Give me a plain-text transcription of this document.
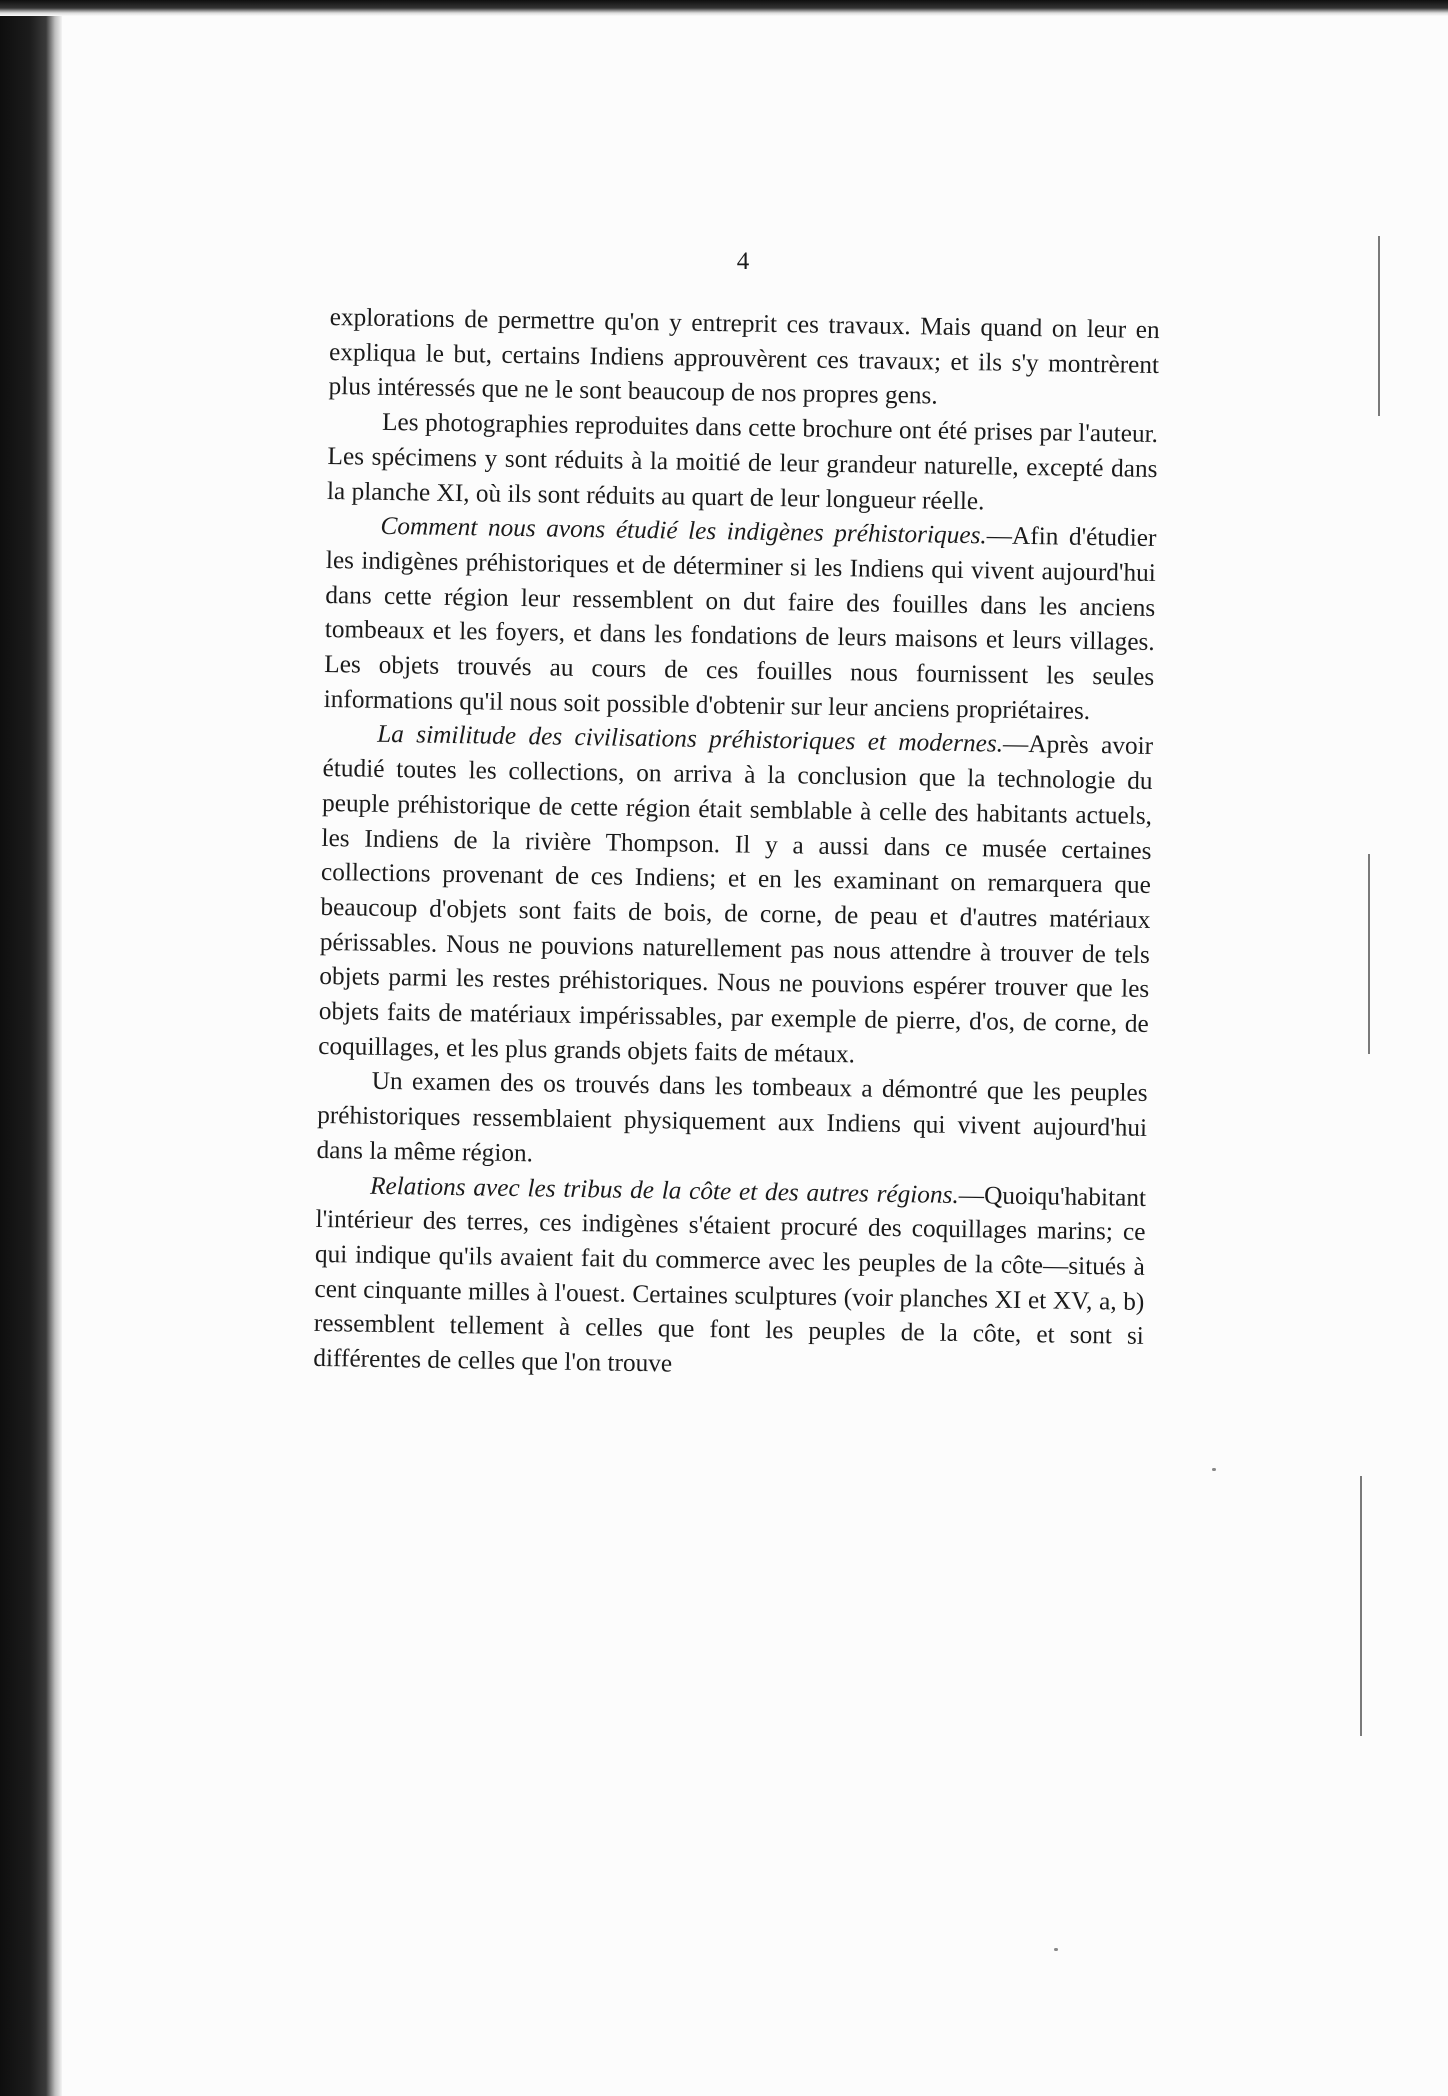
4

explorations de permettre qu'on y entreprit ces travaux. Mais quand on leur en expliqua le but, certains Indiens approuvèrent ces travaux; et ils s'y montrèrent plus intéressés que ne le sont beaucoup de nos propres gens.

Les photographies reproduites dans cette brochure ont été prises par l'auteur. Les spécimens y sont réduits à la moitié de leur grandeur naturelle, excepté dans la planche XI, où ils sont réduits au quart de leur longueur réelle.

Comment nous avons étudié les indigènes préhistoriques.—Afin d'étudier les indigènes préhistoriques et de déterminer si les Indiens qui vivent aujourd'hui dans cette région leur ressemblent on dut faire des fouilles dans les anciens tombeaux et les foyers, et dans les fondations de leurs maisons et leurs villages. Les objets trouvés au cours de ces fouilles nous fournissent les seules informations qu'il nous soit possible d'obtenir sur leur anciens propriétaires.

La similitude des civilisations préhistoriques et modernes.—Après avoir étudié toutes les collections, on arriva à la conclusion que la technologie du peuple préhistorique de cette région était semblable à celle des habitants actuels, les Indiens de la rivière Thompson. Il y a aussi dans ce musée certaines collections provenant de ces Indiens; et en les examinant on remarquera que beaucoup d'objets sont faits de bois, de corne, de peau et d'autres matériaux périssables. Nous ne pouvions naturellement pas nous attendre à trouver de tels objets parmi les restes préhistoriques. Nous ne pouvions espérer trouver que les objets faits de matériaux impérissables, par exemple de pierre, d'os, de corne, de coquillages, et les plus grands objets faits de métaux.

Un examen des os trouvés dans les tombeaux a démontré que les peuples préhistoriques ressemblaient physiquement aux Indiens qui vivent aujourd'hui dans la même région.

Relations avec les tribus de la côte et des autres régions.—Quoiqu'habitant l'intérieur des terres, ces indigènes s'étaient procuré des coquillages marins; ce qui indique qu'ils avaient fait du commerce avec les peuples de la côte—situés à cent cinquante milles à l'ouest. Certaines sculptures (voir planches XI et XV, a, b) ressemblent tellement à celles que font les peuples de la côte, et sont si différentes de celles que l'on trouve
